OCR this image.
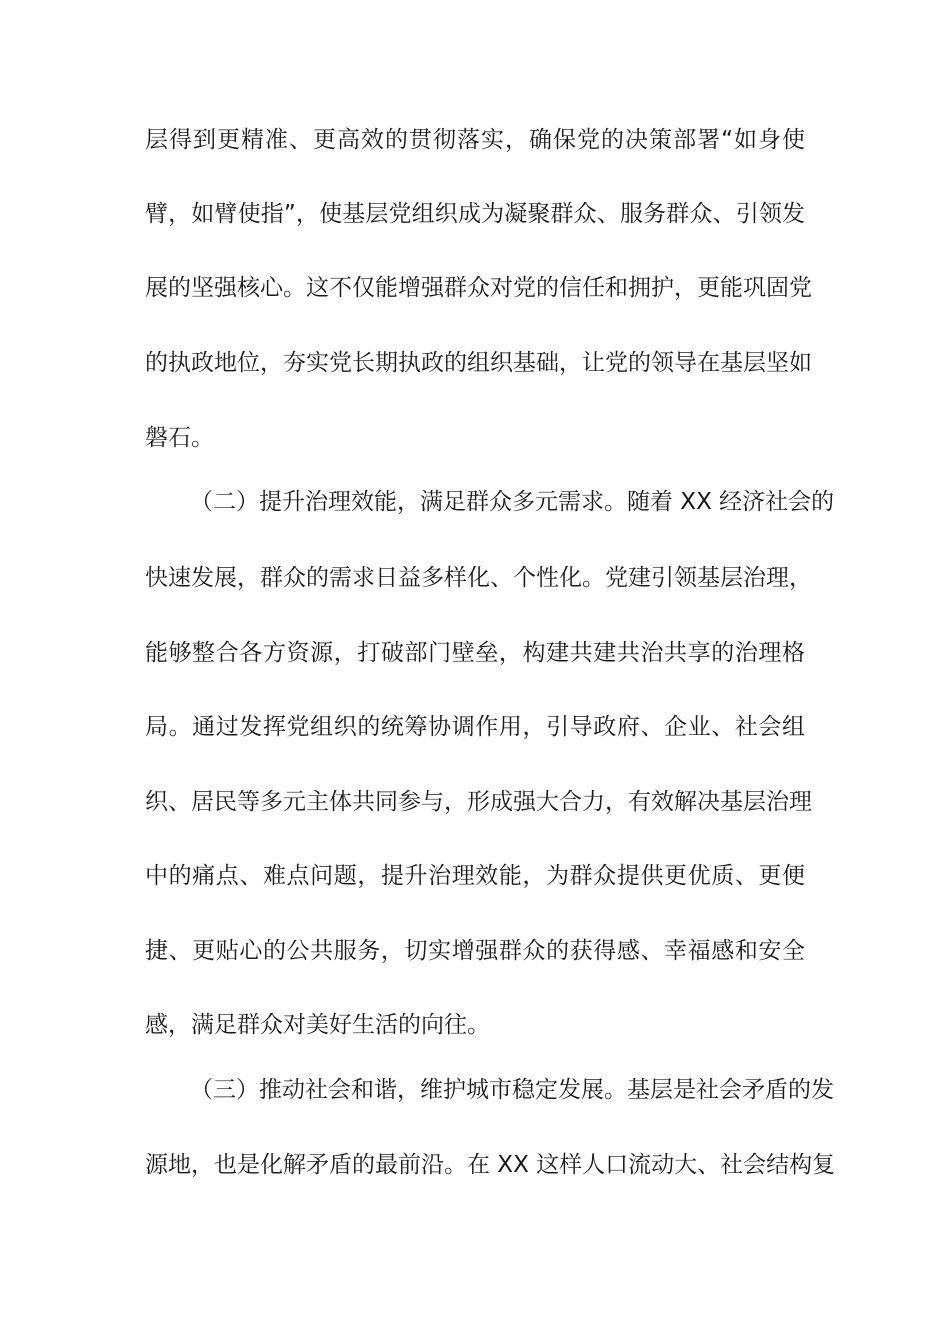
层得到更精准、更高效的贯彻落实，确保党的决策部署“如身使
臂，如臂使指”，使基层党组织成为凝聚群众、服务群众、引领发
展的坚强核心。这不仅能增强群众对党的信任和拥护，更能巩固党
的执政地位，夯实党长期执政的组织基础，让党的领导在基层坚如
磐石。
（二）提升治理效能，满足群众多元需求。随着 XX 经济社会的
快速发展，群众的需求日益多样化、个性化。党建引领基层治理，
能够整合各方资源，打破部门壁垒，构建共建共治共享的治理格
局。通过发挥党组织的统筹协调作用，引导政府、企业、社会组
织、居民等多元主体共同参与，形成强大合力，有效解决基层治理
中的痛点、难点问题，提升治理效能，为群众提供更优质、更便
捷、更贴心的公共服务，切实增强群众的获得感、幸福感和安全
感，满足群众对美好生活的向往。
（三）推动社会和谐，维护城市稳定发展。基层是社会矛盾的发
源地，也是化解矛盾的最前沿。在 XX 这样人口流动大、社会结构复
